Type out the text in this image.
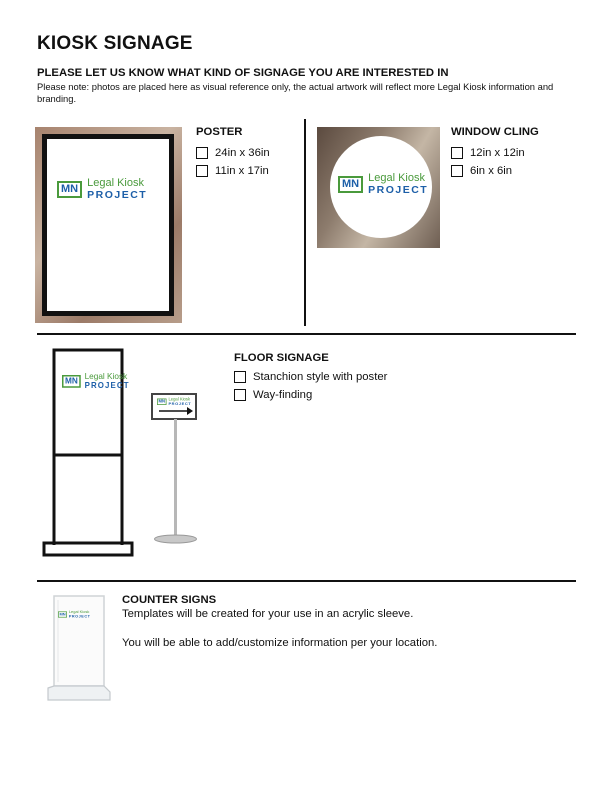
KIOSK SIGNAGE
PLEASE LET US KNOW WHAT KIND OF SIGNAGE YOU ARE INTERESTED IN
Please note: photos are placed here as visual reference only, the actual artwork will reflect more Legal Kiosk information and branding.
MN Legal Kiosk
PROJECT
POSTER
24in x 36in
11in x 17in
MN Legal Kiosk
PROJECT
WINDOW CLING
12in x 12in
6in x 6in
MN Legal Kiosk
PROJECT
MN Legal Kiosk
PROJECT
FLOOR SIGNAGE
Stanchion style with poster
Way-finding
MN Legal Kiosk
PROJECT
COUNTER SIGNS
Templates will be created for your use in an acrylic sleeve.
You will be able to add/customize information per your location.
